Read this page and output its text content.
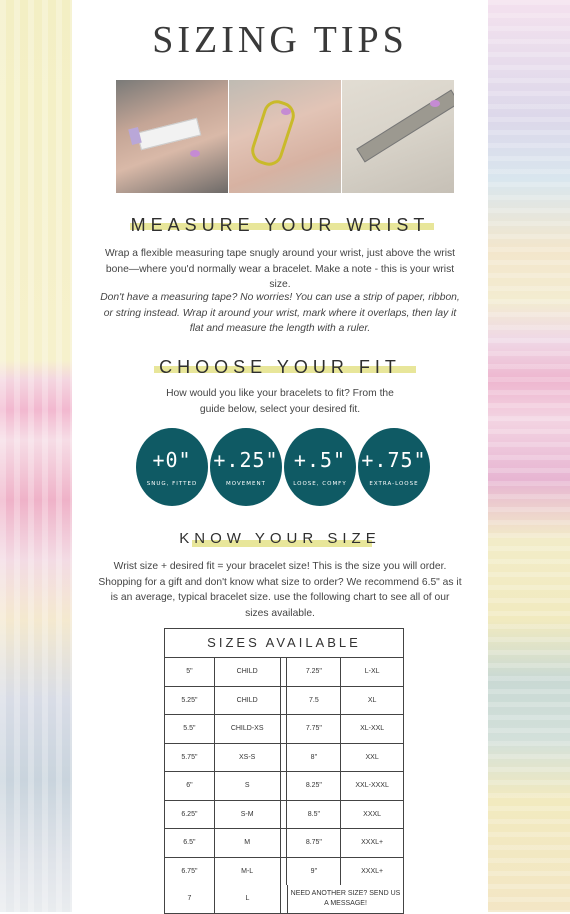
SIZING TIPS
MEASURE YOUR WRIST
Wrap a flexible measuring tape snugly around your wrist, just above the wrist bone—where you'd normally wear a bracelet. Make a note - this is your wrist size.
Don't have a measuring tape? No worries! You can use a strip of paper, ribbon, or string instead. Wrap it around your wrist, mark where it overlaps, then lay it flat and measure the length with a ruler.
CHOOSE YOUR FIT
How would you like your bracelets to fit? From the guide below, select your desired fit.
+0"
SNUG, FITTED
+.25"
MOVEMENT
+.5"
LOOSE, COMFY
+.75"
EXTRA-LOOSE
KNOW YOUR SIZE
Wrist size + desired fit = your bracelet size! This is the size you will order. Shopping for a gift and don't know what size to order? We recommend 6.5" as it is an average, typical bracelet size. use the following chart to see all of our sizes available.
SIZES AVAILABLE
5"	CHILD	7.25"	L-XL
5.25"	CHILD	7.5	XL
5.5"	CHILD-XS	7.75"	XL-XXL
5.75"	XS-S	8"	XXL
6"	S	8.25"	XXL-XXXL
6.25"	S-M	8.5"	XXXL
6.5"	M	8.75"	XXXL+
6.75"	M-L	9"	XXXL+
7	L
NEED ANOTHER SIZE? SEND US A MESSAGE!
